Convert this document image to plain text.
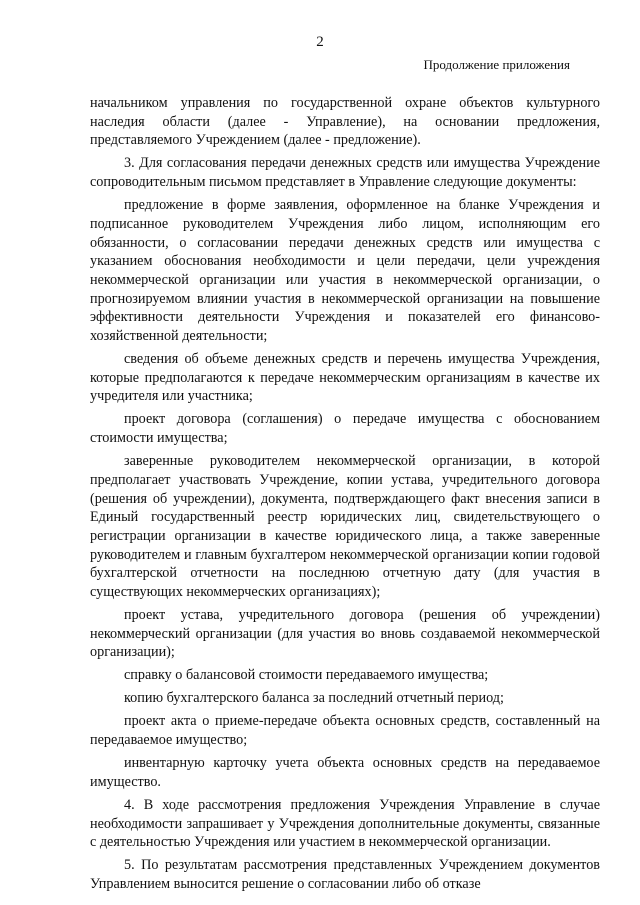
2
Продолжение приложения

начальником управления по государственной охране объектов культурного наследия области (далее - Управление), на основании предложения, представляемого Учреждением (далее - предложение).

3. Для согласования передачи денежных средств или имущества Учреждение сопроводительным письмом представляет в Управление следующие документы:

предложение в форме заявления, оформленное на бланке Учреждения и подписанное руководителем Учреждения либо лицом, исполняющим его обязанности, о согласовании передачи денежных средств или имущества с указанием обоснования необходимости и цели передачи, цели учреждения некоммерческой организации или участия в некоммерческой организации, о прогнозируемом влиянии участия в некоммерческой организации на повышение эффективности деятельности Учреждения и показателей его финансово-хозяйственной деятельности;

сведения об объеме денежных средств и перечень имущества Учреждения, которые предполагаются к передаче некоммерческим организациям в качестве их учредителя или участника;

проект договора (соглашения) о передаче имущества с обоснованием стоимости имущества;

заверенные руководителем некоммерческой организации, в которой предполагает участвовать Учреждение, копии устава, учредительного договора (решения об учреждении), документа, подтверждающего факт внесения записи в Единый государственный реестр юридических лиц, свидетельствующего о регистрации организации в качестве юридического лица, а также заверенные руководителем и главным бухгалтером некоммерческой организации копии годовой бухгалтерской отчетности на последнюю отчетную дату (для участия в существующих некоммерческих организациях);

проект устава, учредительного договора (решения об учреждении) некоммерческий организации (для участия во вновь создаваемой некоммерческой организации);

справку о балансовой стоимости передаваемого имущества;

копию бухгалтерского баланса за последний отчетный период;

проект акта о приеме-передаче объекта основных средств, составленный на передаваемое имущество;

инвентарную карточку учета объекта основных средств на передаваемое имущество.

4. В ходе рассмотрения предложения Учреждения Управление в случае необходимости запрашивает у Учреждения дополнительные документы, связанные с деятельностью Учреждения или участием в некоммерческой организации.

5. По результатам рассмотрения представленных Учреждением документов Управлением выносится решение о согласовании либо об отказе
